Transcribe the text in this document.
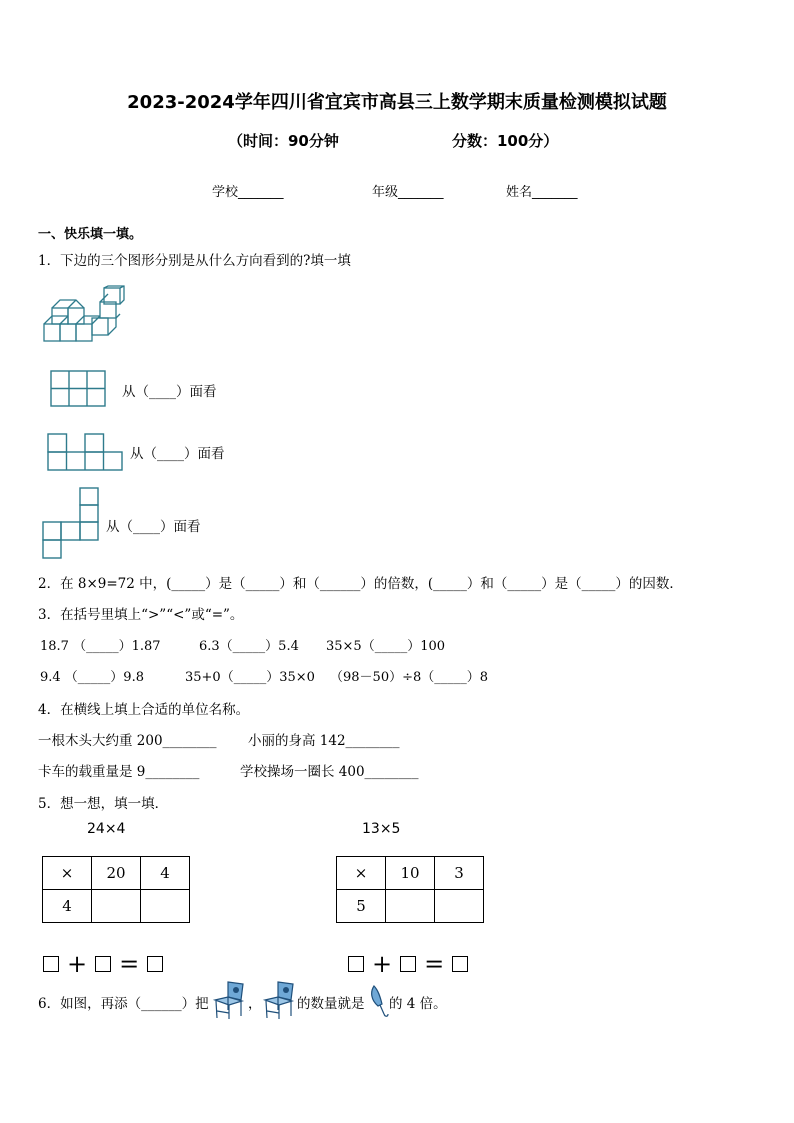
2023-2024学年四川省宜宾市高县三上数学期末质量检测模拟试题
（时间：90分钟	分数：100分）
学校_______	年级_______	姓名_______
一、快乐填一填。
1．下边的三个图形分别是从什么方向看到的?填一填
从（____）面看
从（____）面看
从（____）面看
2．在 8×9=72 中，(_____）是（_____）和（______）的倍数，(_____）和（_____）是（_____）的因数．
3．在括号里填上“>”“<”或“=”。
18.7 （_____）1.87	6.3（_____）5.4 35×5（_____）100
9.4 （_____）9.8	35+0（_____）35×0 （98－50）÷8（_____）8
4．在横线上填上合适的单位名称。
一根木头大约重 200________ 小丽的身高 142________
卡车的载重量是 9________	学校操场一圈长 400________
5．想一想，填一填．
24×4	13×5
×	20	4
4		
×	10	3
5		
+ =	+ =
6．如图，再添（______）把	，	的数量就是 的 4 倍。
